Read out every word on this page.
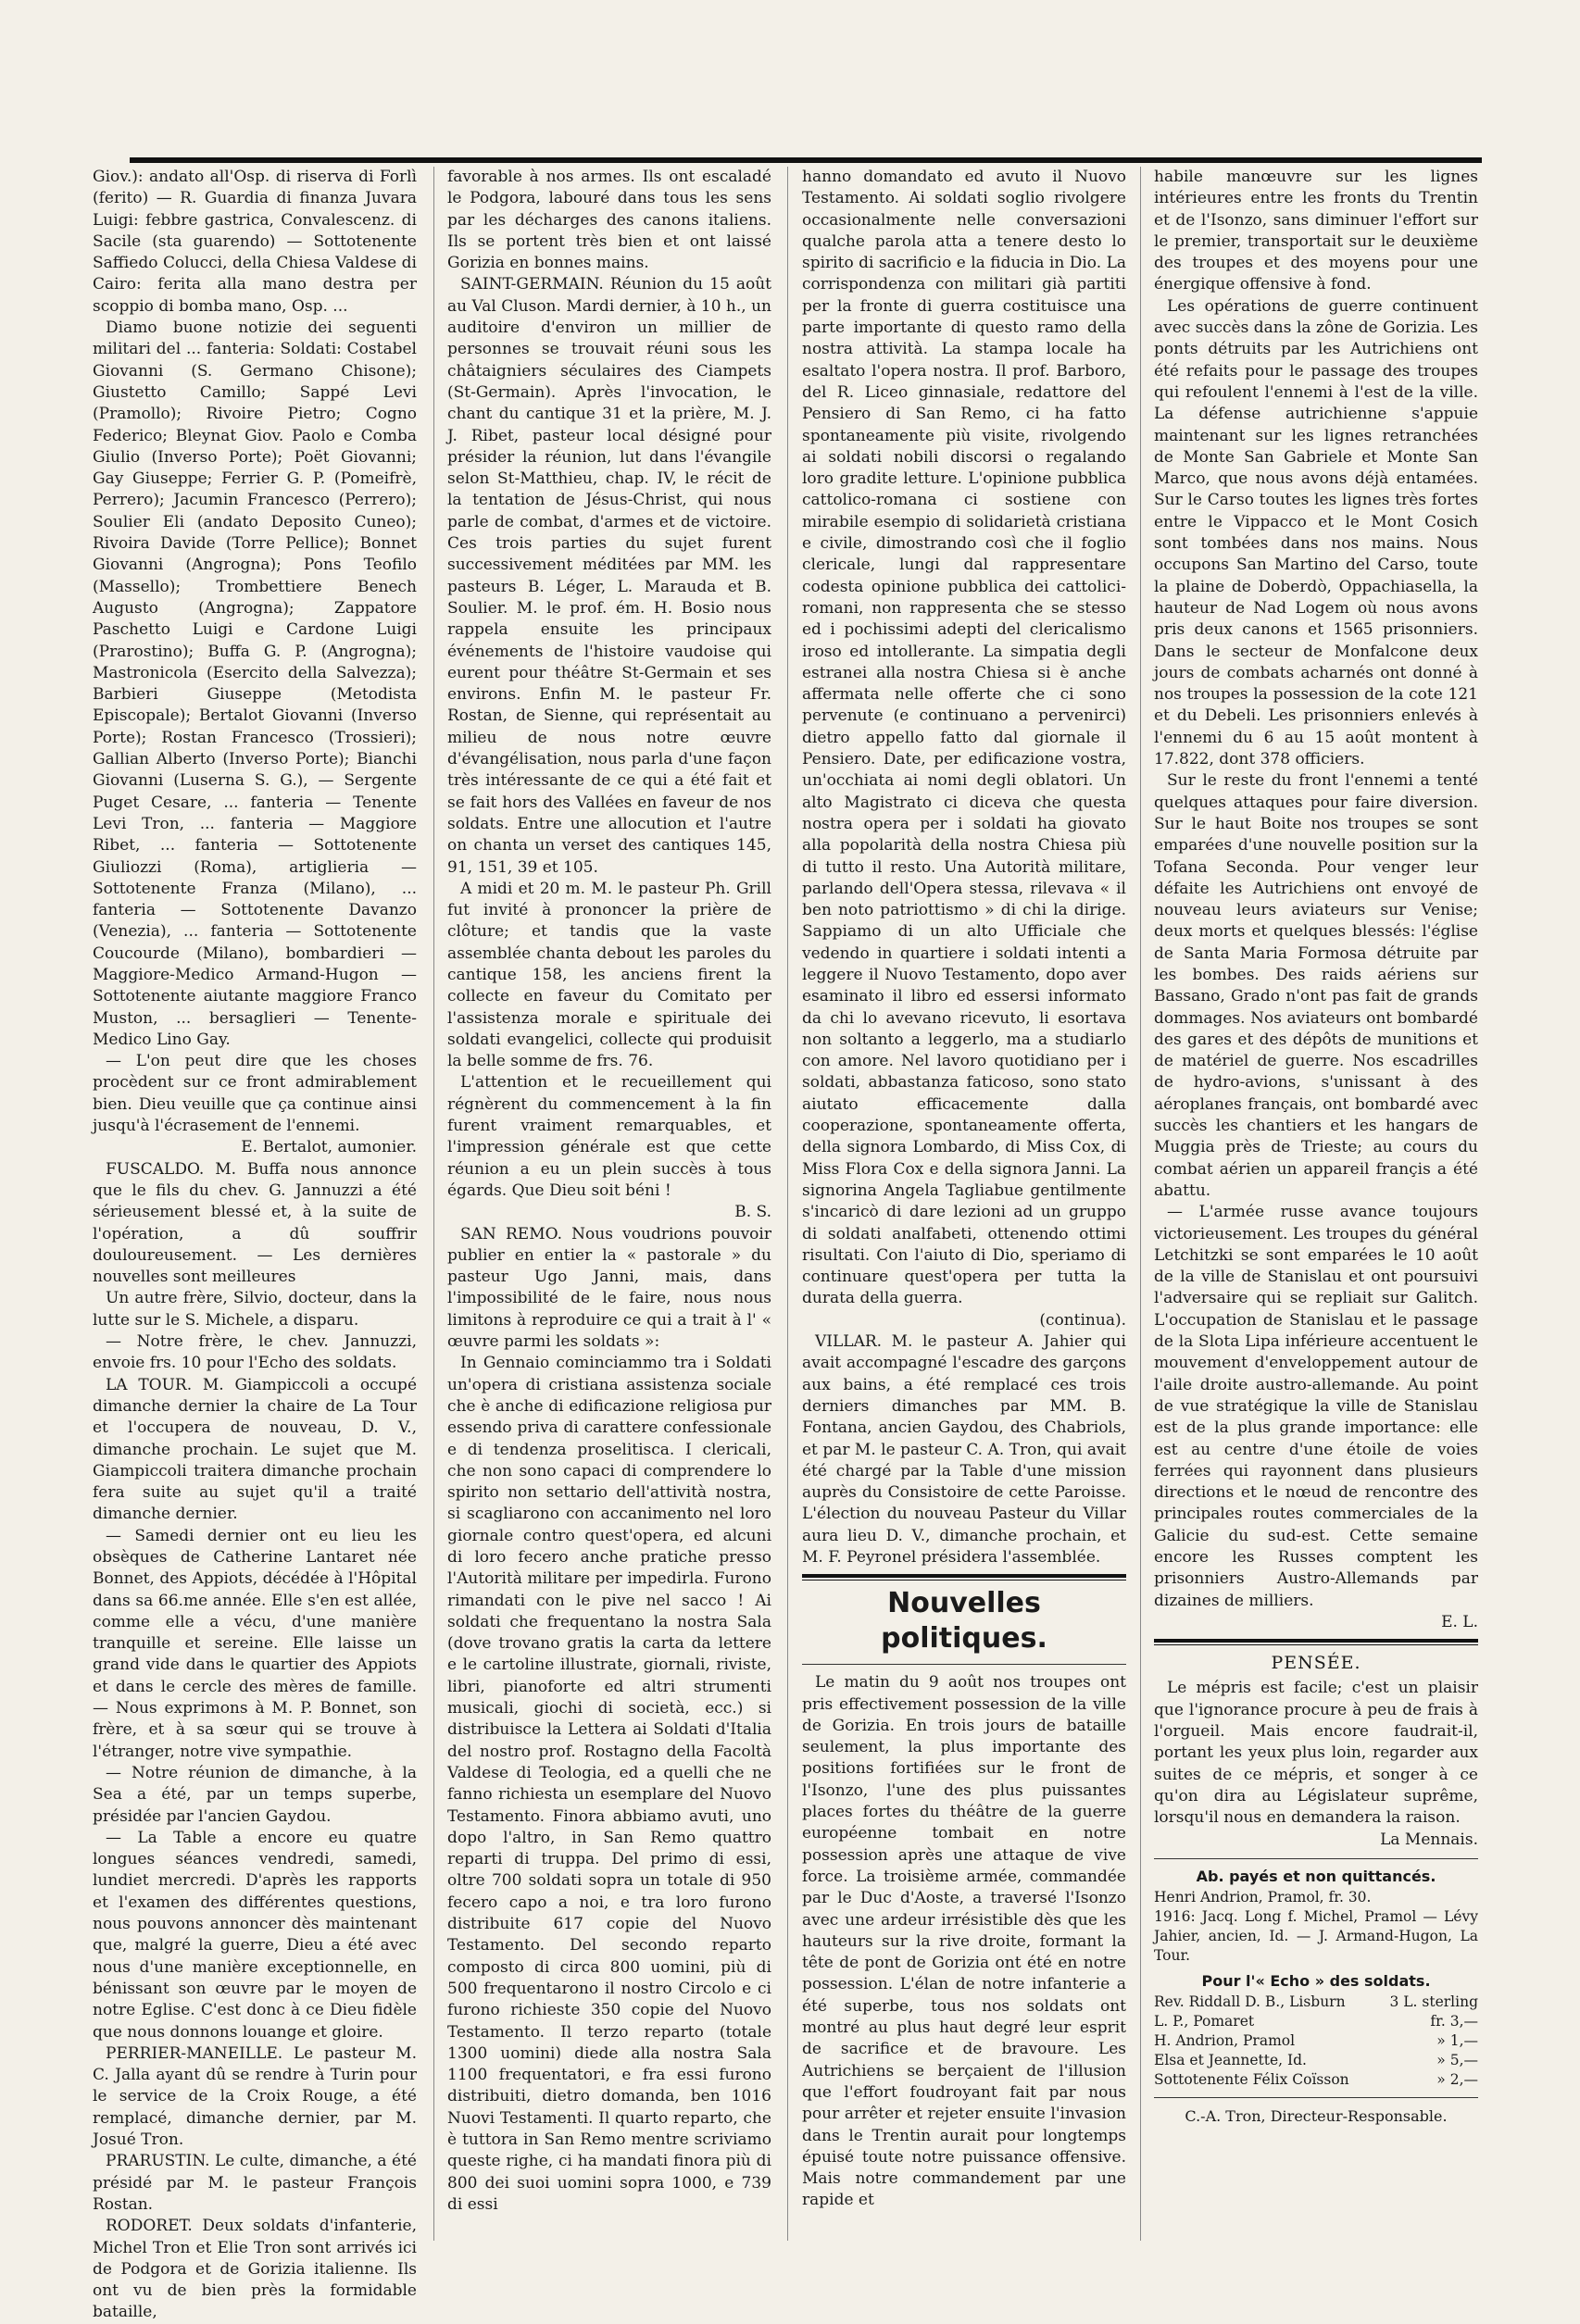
Giov.): andato all'Osp. di riserva di Forlì (ferito) — R. Guardia di finanza Juvara Luigi: febbre gastrica, Convalescenz. di Sacile (sta guarendo) — Sottotenente Saffiedo Colucci, della Chiesa Valdese di Cairo: ferita alla mano destra per scoppio di bomba mano, Osp. ...

Diamo buone notizie dei seguenti militari del ... fanteria: Soldati: Costabel Giovanni (S. Germano Chisone); Giustetto Camillo; Sappé Levi (Pramollo); Rivoire Pietro; Cogno Federico; Bleynat Giov. Paolo e Comba Giulio (Inverso Porte); Poët Giovanni; Gay Giuseppe; Ferrier G. P. (Pomeifrè, Perrero); Jacumin Francesco (Perrero); Soulier Eli (andato Deposito Cuneo); Rivoira Davide (Torre Pellice); Bonnet Giovanni (Angrogna); Pons Teofilo (Massello); Trombettiere Benech Augusto (Angrogna); Zappatore Paschetto Luigi e Cardone Luigi (Prarostino); Buffa G. P. (Angrogna); Mastronicola (Esercito della Salvezza); Barbieri Giuseppe (Metodista Episcopale); Bertalot Giovanni (Inverso Porte); Rostan Francesco (Trossieri); Gallian Alberto (Inverso Porte); Bianchi Giovanni (Luserna S. G.), — Sergente Puget Cesare, ... fanteria — Tenente Levi Tron, ... fanteria — Maggiore Ribet, ... fanteria — Sottotenente Giuliozzi (Roma), artiglieria — Sottotenente Franza (Milano), ... fanteria — Sottotenente Davanzo (Venezia), ... fanteria — Sottotenente Coucourde (Milano), bombardieri — Maggiore-Medico Armand-Hugon — Sottotenente aiutante maggiore Franco Muston, ... bersaglieri — Tenente-Medico Lino Gay.

— L'on peut dire que les choses procèdent sur ce front admirablement bien. Dieu veuille que ça continue ainsi jusqu'à l'écrasement de l'ennemi.

E. Bertalot, aumonier.

FUSCALDO. M. Buffa nous annonce que le fils du chev. G. Jannuzzi a été sérieusement blessé et, à la suite de l'opération, a dû souffrir douloureusement. — Les dernières nouvelles sont meilleures

Un autre frère, Silvio, docteur, dans la lutte sur le S. Michele, a disparu.

— Notre frère, le chev. Jannuzzi, envoie frs. 10 pour l'Echo des soldats.

LA TOUR. M. Giampiccoli a occupé dimanche dernier la chaire de La Tour et l'occupera de nouveau, D. V., dimanche prochain. Le sujet que M. Giampiccoli traitera dimanche prochain fera suite au sujet qu'il a traité dimanche dernier.

— Samedi dernier ont eu lieu les obsèques de Catherine Lantaret née Bonnet, des Appiots, décédée à l'Hôpital dans sa 66.me année. Elle s'en est allée, comme elle a vécu, d'une manière tranquille et sereine. Elle laisse un grand vide dans le quartier des Appiots et dans le cercle des mères de famille. — Nous exprimons à M. P. Bonnet, son frère, et à sa sœur qui se trouve à l'étranger, notre vive sympathie.

— Notre réunion de dimanche, à la Sea a été, par un temps superbe, présidée par l'ancien Gaydou.

— La Table a encore eu quatre longues séances vendredi, samedi, lundiet mercredi. D'après les rapports et l'examen des différentes questions, nous pouvons annoncer dès maintenant que, malgré la guerre, Dieu a été avec nous d'une manière exceptionnelle, en bénissant son œuvre par le moyen de notre Eglise. C'est donc à ce Dieu fidèle que nous donnons louange et gloire.

PERRIER-MANEILLE. Le pasteur M. C. Jalla ayant dû se rendre à Turin pour le service de la Croix Rouge, a été remplacé, dimanche dernier, par M. Josué Tron.

PRARUSTIN. Le culte, dimanche, a été présidé par M. le pasteur François Rostan.

RODORET. Deux soldats d'infanterie, Michel Tron et Elie Tron sont arrivés ici de Podgora et de Gorizia italienne. Ils ont vu de bien près la formidable bataille,

favorable à nos armes. Ils ont escaladé le Podgora, labouré dans tous les sens par les décharges des canons italiens. Ils se portent très bien et ont laissé Gorizia en bonnes mains.

SAINT-GERMAIN. Réunion du 15 août au Val Cluson. Mardi dernier, à 10 h., un auditoire d'environ un millier de personnes se trouvait réuni sous les châtaigniers séculaires des Ciampets (St-Germain). Après l'invocation, le chant du cantique 31 et la prière, M. J. J. Ribet, pasteur local désigné pour présider la réunion, lut dans l'évangile selon St-Matthieu, chap. IV, le récit de la tentation de Jésus-Christ, qui nous parle de combat, d'armes et de victoire. Ces trois parties du sujet furent successivement méditées par MM. les pasteurs B. Léger, L. Marauda et B. Soulier. M. le prof. ém. H. Bosio nous rappela ensuite les principaux événements de l'histoire vaudoise qui eurent pour théâtre St-Germain et ses environs. Enfin M. le pasteur Fr. Rostan, de Sienne, qui représentait au milieu de nous notre œuvre d'évangélisation, nous parla d'une façon très intéressante de ce qui a été fait et se fait hors des Vallées en faveur de nos soldats. Entre une allocution et l'autre on chanta un verset des cantiques 145, 91, 151, 39 et 105.

A midi et 20 m. M. le pasteur Ph. Grill fut invité à prononcer la prière de clôture; et tandis que la vaste assemblée chanta debout les paroles du cantique 158, les anciens firent la collecte en faveur du Comitato per l'assistenza morale e spirituale dei soldati evangelici, collecte qui produisit la belle somme de frs. 76.

L'attention et le recueillement qui régnèrent du commencement à la fin furent vraiment remarquables, et l'impression générale est que cette réunion a eu un plein succès à tous égards. Que Dieu soit béni !

B. S.

SAN REMO. Nous voudrions pouvoir publier en entier la « pastorale » du pasteur Ugo Janni, mais, dans l'impossibilité de le faire, nous nous limitons à reproduire ce qui a trait à l' « œuvre parmi les soldats »:

In Gennaio cominciammo tra i Soldati un'opera di cristiana assistenza sociale che è anche di edificazione religiosa pur essendo priva di carattere confessionale e di tendenza proselitisca. I clericali, che non sono capaci di comprendere lo spirito non settario dell'attività nostra, si scagliarono con accanimento nel loro giornale contro quest'opera, ed alcuni di loro fecero anche pratiche presso l'Autorità militare per impedirla. Furono rimandati con le pive nel sacco ! Ai soldati che frequentano la nostra Sala (dove trovano gratis la carta da lettere e le cartoline illustrate, giornali, riviste, libri, pianoforte ed altri strumenti musicali, giochi di società, ecc.) si distribuisce la Lettera ai Soldati d'Italia del nostro prof. Rostagno della Facoltà Valdese di Teologia, ed a quelli che ne fanno richiesta un esemplare del Nuovo Testamento. Finora abbiamo avuti, uno dopo l'altro, in San Remo quattro reparti di truppa. Del primo di essi, oltre 700 soldati sopra un totale di 950 fecero capo a noi, e tra loro furono distribuite 617 copie del Nuovo Testamento. Del secondo reparto composto di circa 800 uomini, più di 500 frequentarono il nostro Circolo e ci furono richieste 350 copie del Nuovo Testamento. Il terzo reparto (totale 1300 uomini) diede alla nostra Sala 1100 frequentatori, e fra essi furono distribuiti, dietro domanda, ben 1016 Nuovi Testamenti. Il quarto reparto, che è tuttora in San Remo mentre scriviamo queste righe, ci ha mandati finora più di 800 dei suoi uomini sopra 1000, e 739 di essi

hanno domandato ed avuto il Nuovo Testamento. Ai soldati soglio rivolgere occasionalmente nelle conversazioni qualche parola atta a tenere desto lo spirito di sacrificio e la fiducia in Dio. La corrispondenza con militari già partiti per la fronte di guerra costituisce una parte importante di questo ramo della nostra attività. La stampa locale ha esaltato l'opera nostra. Il prof. Barboro, del R. Liceo ginnasiale, redattore del Pensiero di San Remo, ci ha fatto spontaneamente più visite, rivolgendo ai soldati nobili discorsi o regalando loro gradite letture. L'opinione pubblica cattolico-romana ci sostiene con mirabile esempio di solidarietà cristiana e civile, dimostrando così che il foglio clericale, lungi dal rappresentare codesta opinione pubblica dei cattolici-romani, non rappresenta che se stesso ed i pochissimi adepti del clericalismo iroso ed intollerante. La simpatia degli estranei alla nostra Chiesa si è anche affermata nelle offerte che ci sono pervenute (e continuano a pervenirci) dietro appello fatto dal giornale il Pensiero. Date, per edificazione vostra, un'occhiata ai nomi degli oblatori. Un alto Magistrato ci diceva che questa nostra opera per i soldati ha giovato alla popolarità della nostra Chiesa più di tutto il resto. Una Autorità militare, parlando dell'Opera stessa, rilevava « il ben noto patriottismo » di chi la dirige. Sappiamo di un alto Ufficiale che vedendo in quartiere i soldati intenti a leggere il Nuovo Testamento, dopo aver esaminato il libro ed essersi informato da chi lo avevano ricevuto, li esortava non soltanto a leggerlo, ma a studiarlo con amore. Nel lavoro quotidiano per i soldati, abbastanza faticoso, sono stato aiutato efficacemente dalla cooperazione, spontaneamente offerta, della signora Lombardo, di Miss Cox, di Miss Flora Cox e della signora Janni. La signorina Angela Tagliabue gentilmente s'incaricò di dare lezioni ad un gruppo di soldati analfabeti, ottenendo ottimi risultati. Con l'aiuto di Dio, speriamo di continuare quest'opera per tutta la durata della guerra.

(continua).

VILLAR. M. le pasteur A. Jahier qui avait accompagné l'escadre des garçons aux bains, a été remplacé ces trois derniers dimanches par MM. B. Fontana, ancien Gaydou, des Chabriols, et par M. le pasteur C. A. Tron, qui avait été chargé par la Table d'une mission auprès du Consistoire de cette Paroisse. L'élection du nouveau Pasteur du Villar aura lieu D. V., dimanche prochain, et M. F. Peyronel présidera l'assemblée.

Nouvelles politiques.

Le matin du 9 août nos troupes ont pris effectivement possession de la ville de Gorizia. En trois jours de bataille seulement, la plus importante des positions fortifiées sur le front de l'Isonzo, l'une des plus puissantes places fortes du théâtre de la guerre européenne tombait en notre possession après une attaque de vive force. La troisième armée, commandée par le Duc d'Aoste, a traversé l'Isonzo avec une ardeur irrésistible dès que les hauteurs sur la rive droite, formant la tête de pont de Gorizia ont été en notre possession. L'élan de notre infanterie a été superbe, tous nos soldats ont montré au plus haut degré leur esprit de sacrifice et de bravoure. Les Autrichiens se berçaient de l'illusion que l'effort foudroyant fait par nous pour arrêter et rejeter ensuite l'invasion dans le Trentin aurait pour longtemps épuisé toute notre puissance offensive. Mais notre commandement par une rapide et

habile manœuvre sur les lignes intérieures entre les fronts du Trentin et de l'Isonzo, sans diminuer l'effort sur le premier, transportait sur le deuxième des troupes et des moyens pour une énergique offensive à fond.

Les opérations de guerre continuent avec succès dans la zône de Gorizia. Les ponts détruits par les Autrichiens ont été refaits pour le passage des troupes qui refoulent l'ennemi à l'est de la ville. La défense autrichienne s'appuie maintenant sur les lignes retranchées de Monte San Gabriele et Monte San Marco, que nous avons déjà entamées. Sur le Carso toutes les lignes très fortes entre le Vippacco et le Mont Cosich sont tombées dans nos mains. Nous occupons San Martino del Carso, toute la plaine de Doberdò, Oppachiasella, la hauteur de Nad Logem où nous avons pris deux canons et 1565 prisonniers. Dans le secteur de Monfalcone deux jours de combats acharnés ont donné à nos troupes la possession de la cote 121 et du Debeli. Les prisonniers enlevés à l'ennemi du 6 au 15 août montent à 17.822, dont 378 officiers.

Sur le reste du front l'ennemi a tenté quelques attaques pour faire diversion. Sur le haut Boite nos troupes se sont emparées d'une nouvelle position sur la Tofana Seconda. Pour venger leur défaite les Autrichiens ont envoyé de nouveau leurs aviateurs sur Venise; deux morts et quelques blessés: l'église de Santa Maria Formosa détruite par les bombes. Des raids aériens sur Bassano, Grado n'ont pas fait de grands dommages. Nos aviateurs ont bombardé des gares et des dépôts de munitions et de matériel de guerre. Nos escadrilles de hydro-avions, s'unissant à des aéroplanes français, ont bombardé avec succès les chantiers et les hangars de Muggia près de Trieste; au cours du combat aérien un appareil françis a été abattu.

— L'armée russe avance toujours victorieusement. Les troupes du général Letchitzki se sont emparées le 10 août de la ville de Stanislau et ont poursuivi l'adversaire qui se repliait sur Galitch. L'occupation de Stanislau et le passage de la Slota Lipa inférieure accentuent le mouvement d'enveloppement autour de l'aile droite austro-allemande. Au point de vue stratégique la ville de Stanislau est de la plus grande importance: elle est au centre d'une étoile de voies ferrées qui rayonnent dans plusieurs directions et le nœud de rencontre des principales routes commerciales de la Galicie du sud-est. Cette semaine encore les Russes comptent les prisonniers Austro-Allemands par dizaines de milliers.

E. L.

PENSÉE.

Le mépris est facile; c'est un plaisir que l'ignorance procure à peu de frais à l'orgueil. Mais encore faudrait-il, portant les yeux plus loin, regarder aux suites de ce mépris, et songer à ce qu'on dira au Législateur suprême, lorsqu'il nous en demandera la raison.

La Mennais.

Ab. payés et non quittancés.

Henri Andrion, Pramol, fr. 30.

1916: Jacq. Long f. Michel, Pramol — Lévy Jahier, ancien, Id. — J. Armand-Hugon, La Tour.

Pour l'« Echo » des soldats.
Rev. Riddall D. B., Lisburn	3 L. sterling
L. P., Pomaret	fr. 3,—
H. Andrion, Pramol	» 1,—
Elsa et Jeannette, Id.	» 5,—
Sottotenente Félix Coïsson	» 2,—
C.-A. Tron, Directeur-Responsable.
